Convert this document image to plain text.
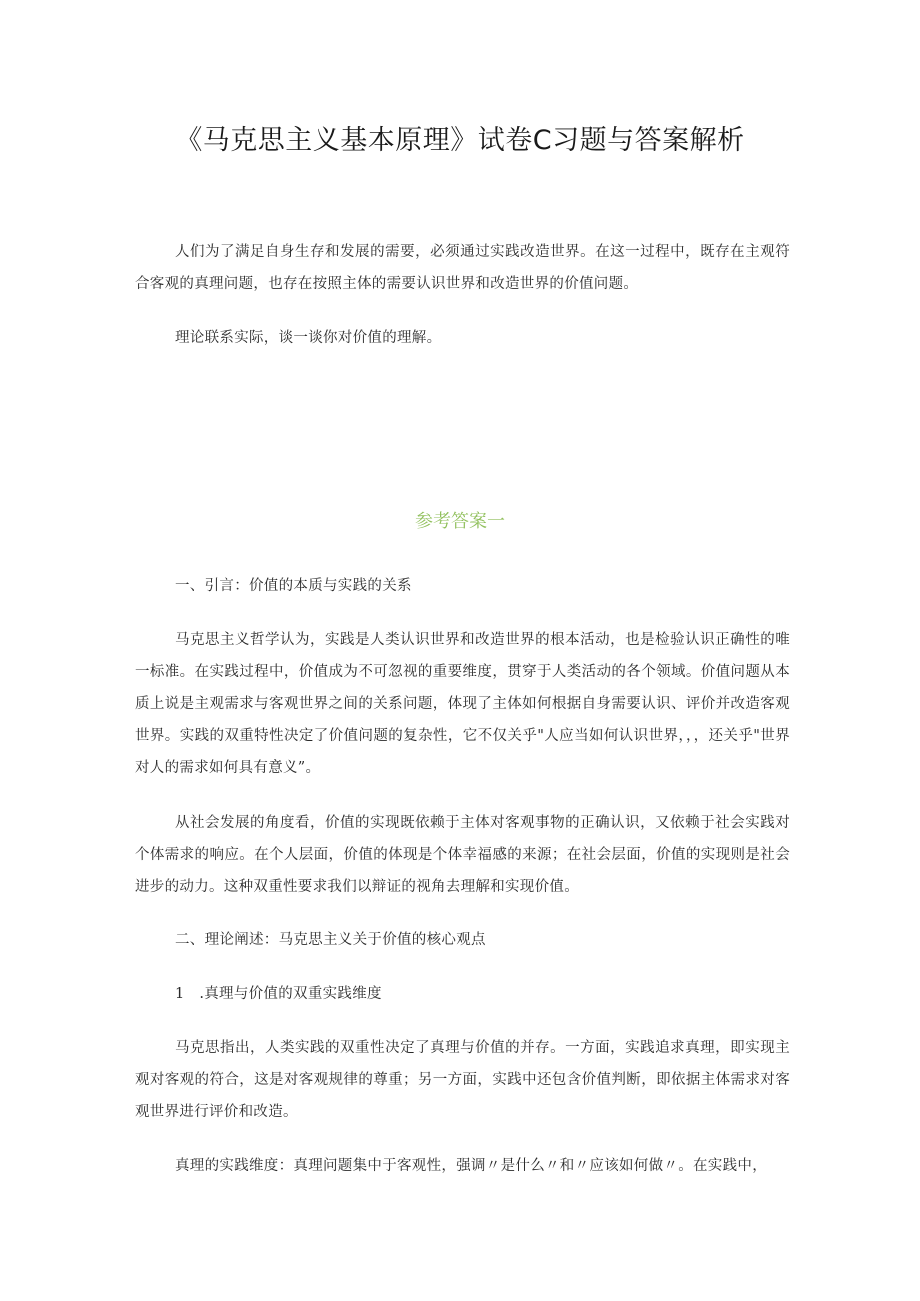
《马克思主义基本原理》试卷C习题与答案解析

人们为了满足自身生存和发展的需要，必须通过实践改造世界。在这一过程中，既存在主观符合客观的真理问题，也存在按照主体的需要认识世界和改造世界的价值问题。

理论联系实际，谈一谈你对价值的理解。

参考答案一

一、引言：价值的本质与实践的关系

马克思主义哲学认为，实践是人类认识世界和改造世界的根本活动，也是检验认识正确性的唯一标准。在实践过程中，价值成为不可忽视的重要维度，贯穿于人类活动的各个领域。价值问题从本质上说是主观需求与客观世界之间的关系问题，体现了主体如何根据自身需要认识、评价并改造客观世界。实践的双重特性决定了价值问题的复杂性，它不仅关乎"人应当如何认识世界，，，还关乎"世界对人的需求如何具有意义”。

从社会发展的角度看，价值的实现既依赖于主体对客观事物的正确认识，又依赖于社会实践对个体需求的响应。在个人层面，价值的体现是个体幸福感的来源；在社会层面，价值的实现则是社会进步的动力。这种双重性要求我们以辩证的视角去理解和实现价值。

二、理论阐述：马克思主义关于价值的核心观点

1　.真理与价值的双重实践维度

马克思指出，人类实践的双重性决定了真理与价值的并存。一方面，实践追求真理，即实现主观对客观的符合，这是对客观规律的尊重；另一方面，实践中还包含价值判断，即依据主体需求对客观世界进行评价和改造。

真理的实践维度：真理问题集中于客观性，强调〃是什么〃和〃应该如何做〃。在实践中，
